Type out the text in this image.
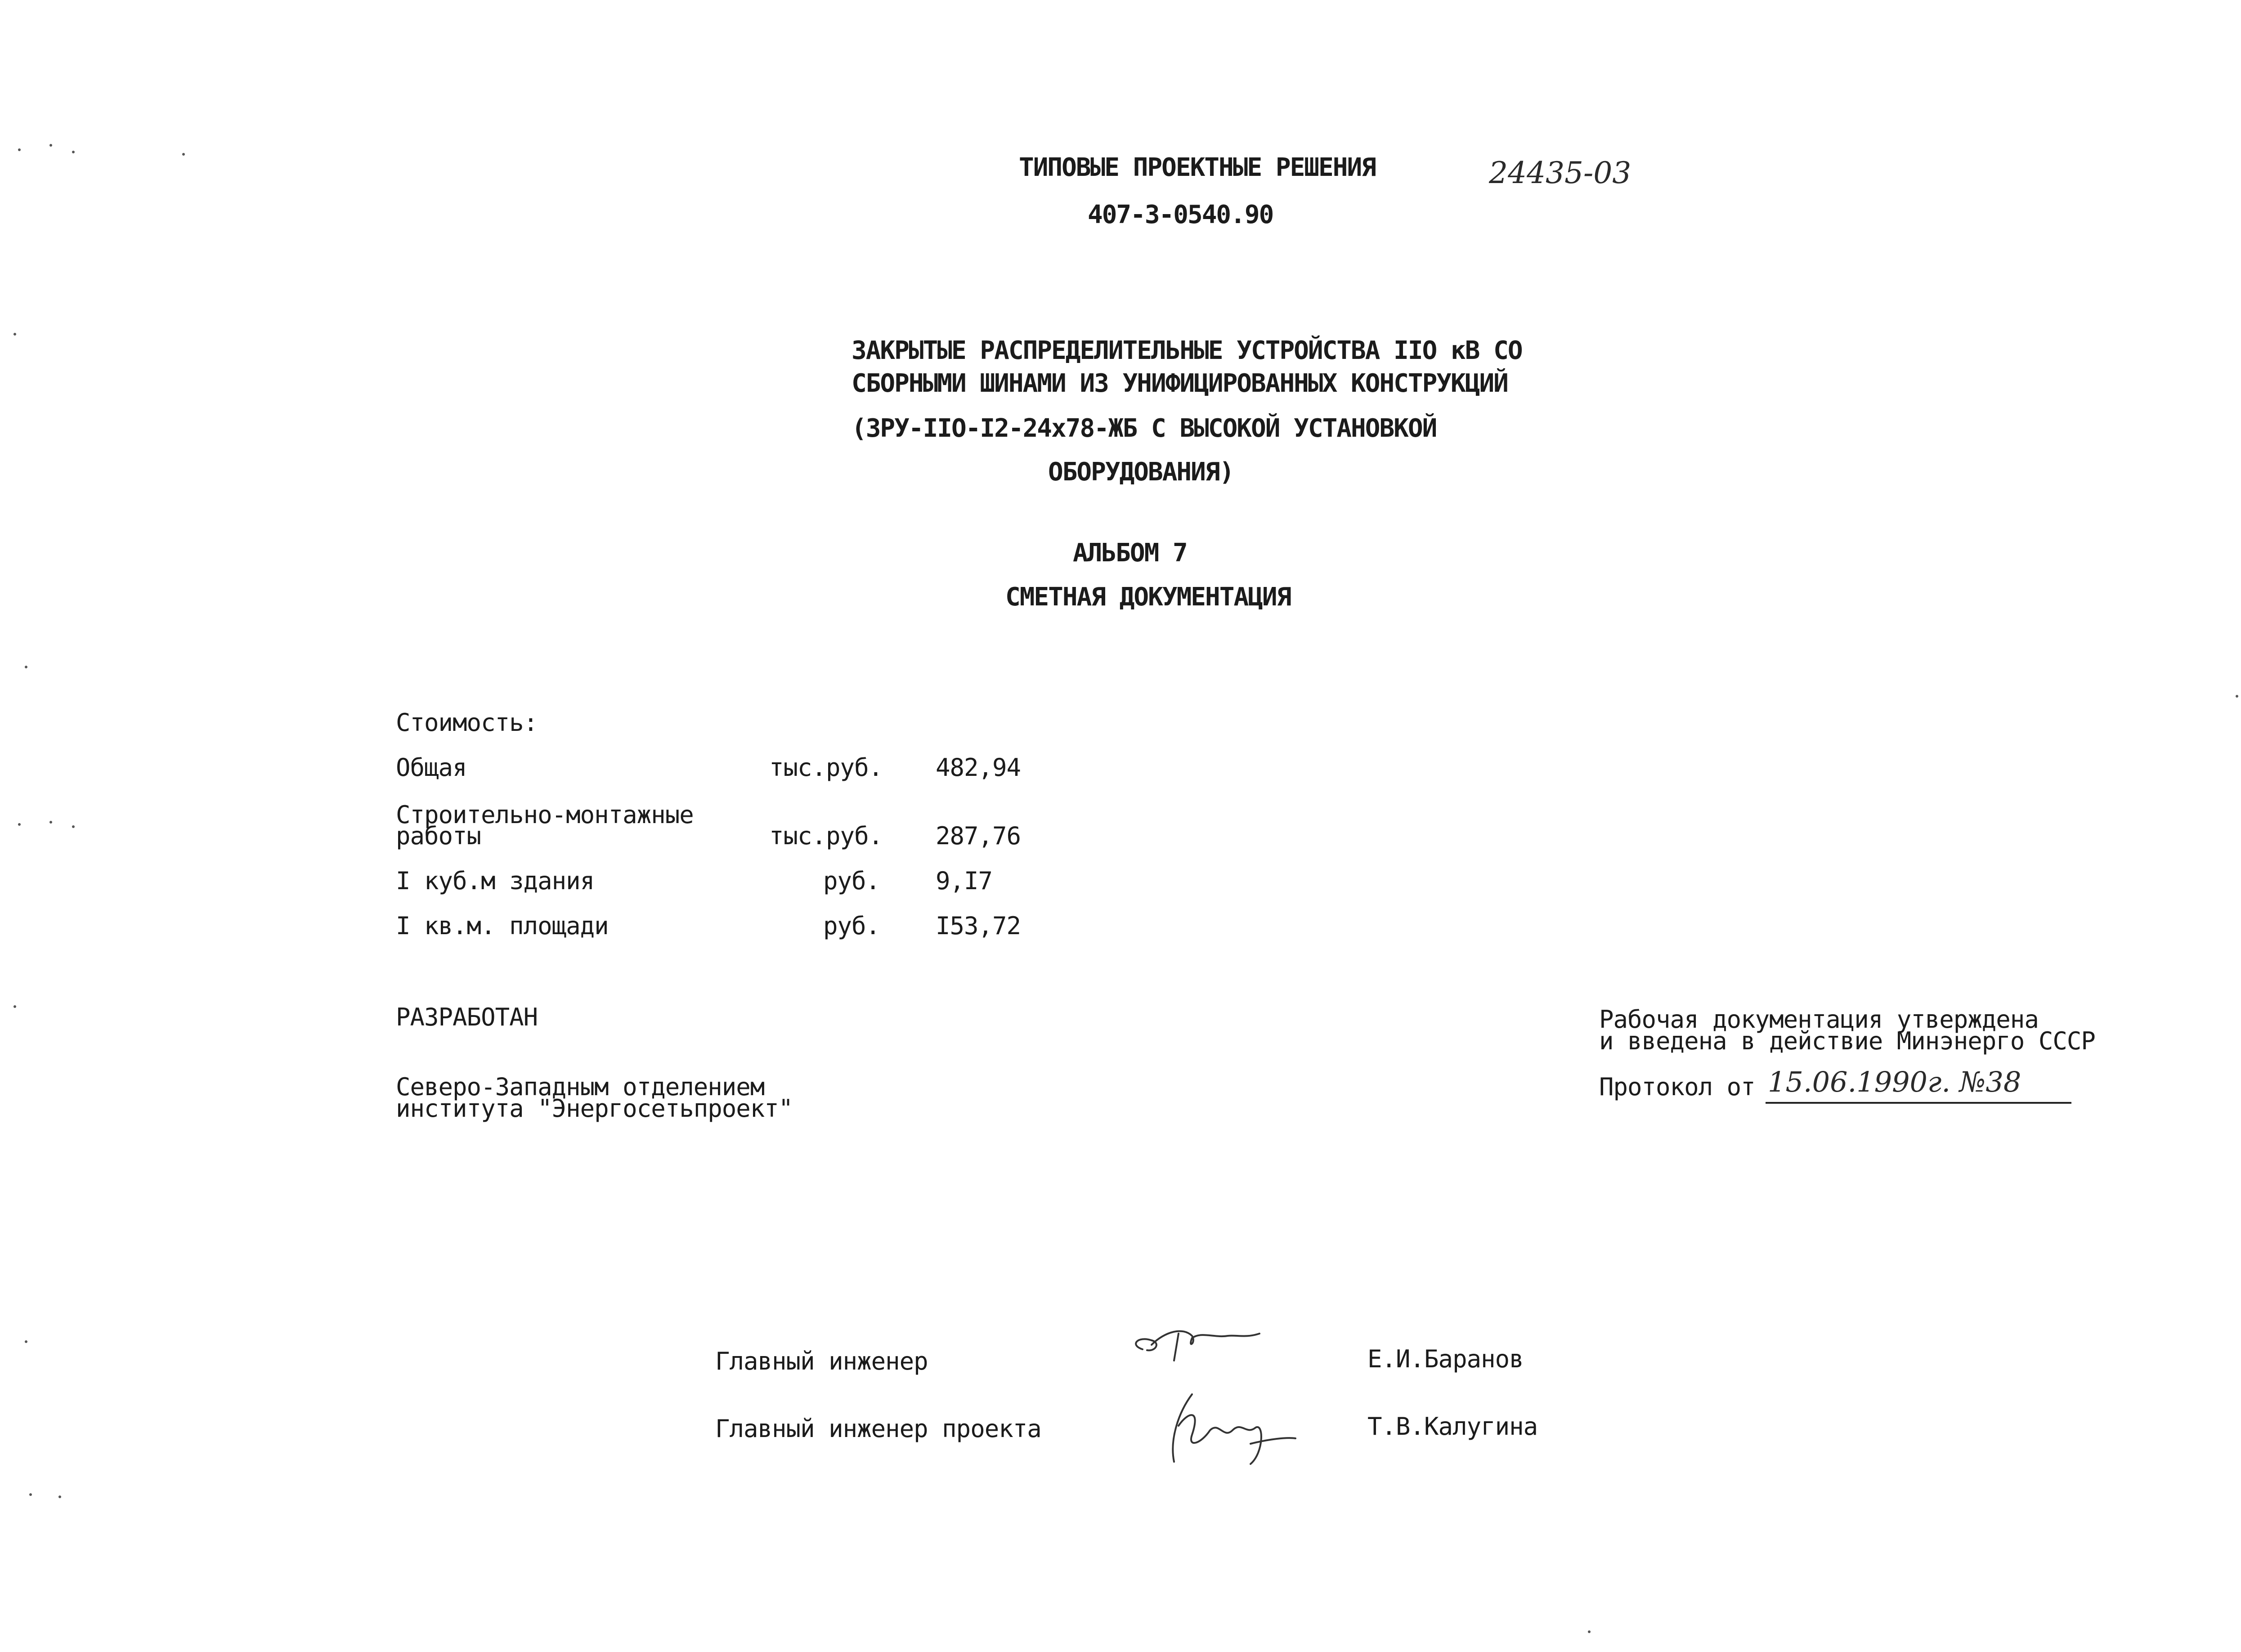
ТИПОВЫЕ ПРОЕКТНЫЕ РЕШЕНИЯ	24435-03
407-3-0540.90
ЗАКРЫТЫЕ РАСПРЕДЕЛИТЕЛЬНЫЕ УСТРОЙСТВА IIO кВ СО
СБОРНЫМИ ШИНАМИ ИЗ УНИФИЦИРОВАННЫХ КОНСТРУКЦИЙ
(ЗРУ-IIO-I2-24х78-ЖБ С ВЫСОКОЙ УСТАНОВКОЙ
ОБОРУДОВАНИЯ)
АЛЬБОМ 7
СМЕТНАЯ ДОКУМЕНТАЦИЯ
Стоимость:
Общая	тыс.руб. 482,94
Строительно-монтажные
работы	тыс.руб. 287,76
I куб.м здания	руб. 9,I7
I кв.м. площади	руб. I53,72
РАЗРАБОТАН
Северо-Западным отделением
института "Энергосетьпроект"
Рабочая документация утверждена
и введена в действие Минэнерго СССР
Протокол от 15.06.1990г. №38
Главный инженер	Е.И.Баранов
Главный инженер проекта	Т.В.Калугина
